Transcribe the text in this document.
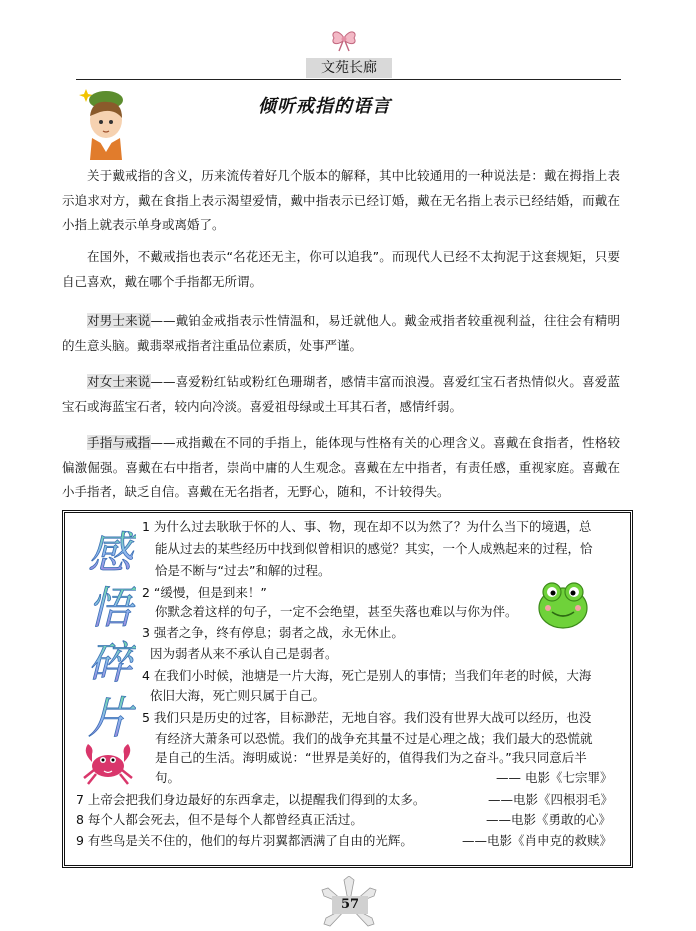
文苑长廊
倾听戒指的语言
关于戴戒指的含义，历来流传着好几个版本的解释，其中比较通用的一种说法是：戴在拇指上表示追求对方，戴在食指上表示渴望爱情，戴中指表示已经订婚，戴在无名指上表示已经结婚，而戴在小指上就表示单身或离婚了。
在国外，不戴戒指也表示“名花还无主，你可以追我”。而现代人已经不太拘泥于这套规矩，只要自己喜欢，戴在哪个手指都无所谓。
对男士来说——戴铂金戒指表示性情温和，易迁就他人。戴金戒指者较重视利益，往往会有精明的生意头脑。戴翡翠戒指者注重品位素质，处事严谨。
对女士来说——喜爱粉红钻或粉红色珊瑚者，感情丰富而浪漫。喜爱红宝石者热情似火。喜爱蓝宝石或海蓝宝石者，较内向冷淡。喜爱祖母绿或土耳其石者，感情纤弱。
手指与戒指——戒指戴在不同的手指上，能体现与性格有关的心理含义。喜戴在食指者，性格较偏激倔强。喜戴在右中指者，崇尚中庸的人生观念。喜戴在左中指者，有责任感，重视家庭。喜戴在小手指者，缺乏自信。喜戴在无名指者，无野心，随和，不计较得失。
感
悟
碎
片
1 为什么过去耿耿于怀的人、事、物，现在却不以为然了？为什么当下的境遇，总
能从过去的某些经历中找到似曾相识的感觉？其实，一个人成熟起来的过程，恰
恰是不断与“过去”和解的过程。
2 “缓慢，但是到来！”
你默念着这样的句子，一定不会绝望，甚至失落也难以与你为伴。
3 强者之争，终有停息；弱者之战，永无休止。
因为弱者从来不承认自己是弱者。
4 在我们小时候，池塘是一片大海，死亡是别人的事情；当我们年老的时候，大海
依旧大海，死亡则只属于自己。
5 我们只是历史的过客，目标渺茫，无地自容。我们没有世界大战可以经历，也没
有经济大萧条可以恐慌。我们的战争充其量不过是心理之战；我们最大的恐慌就
是自己的生活。海明威说：“世界是美好的，值得我们为之奋斗。”我只同意后半
句。	—— 电影《七宗罪》
7 上帝会把我们身边最好的东西拿走，以提醒我们得到的太多。	——电影《四根羽毛》
8 每个人都会死去，但不是每个人都曾经真正活过。	——电影《勇敢的心》
9 有些鸟是关不住的，他们的每片羽翼都洒满了自由的光辉。	——电影《肖申克的救赎》
57
